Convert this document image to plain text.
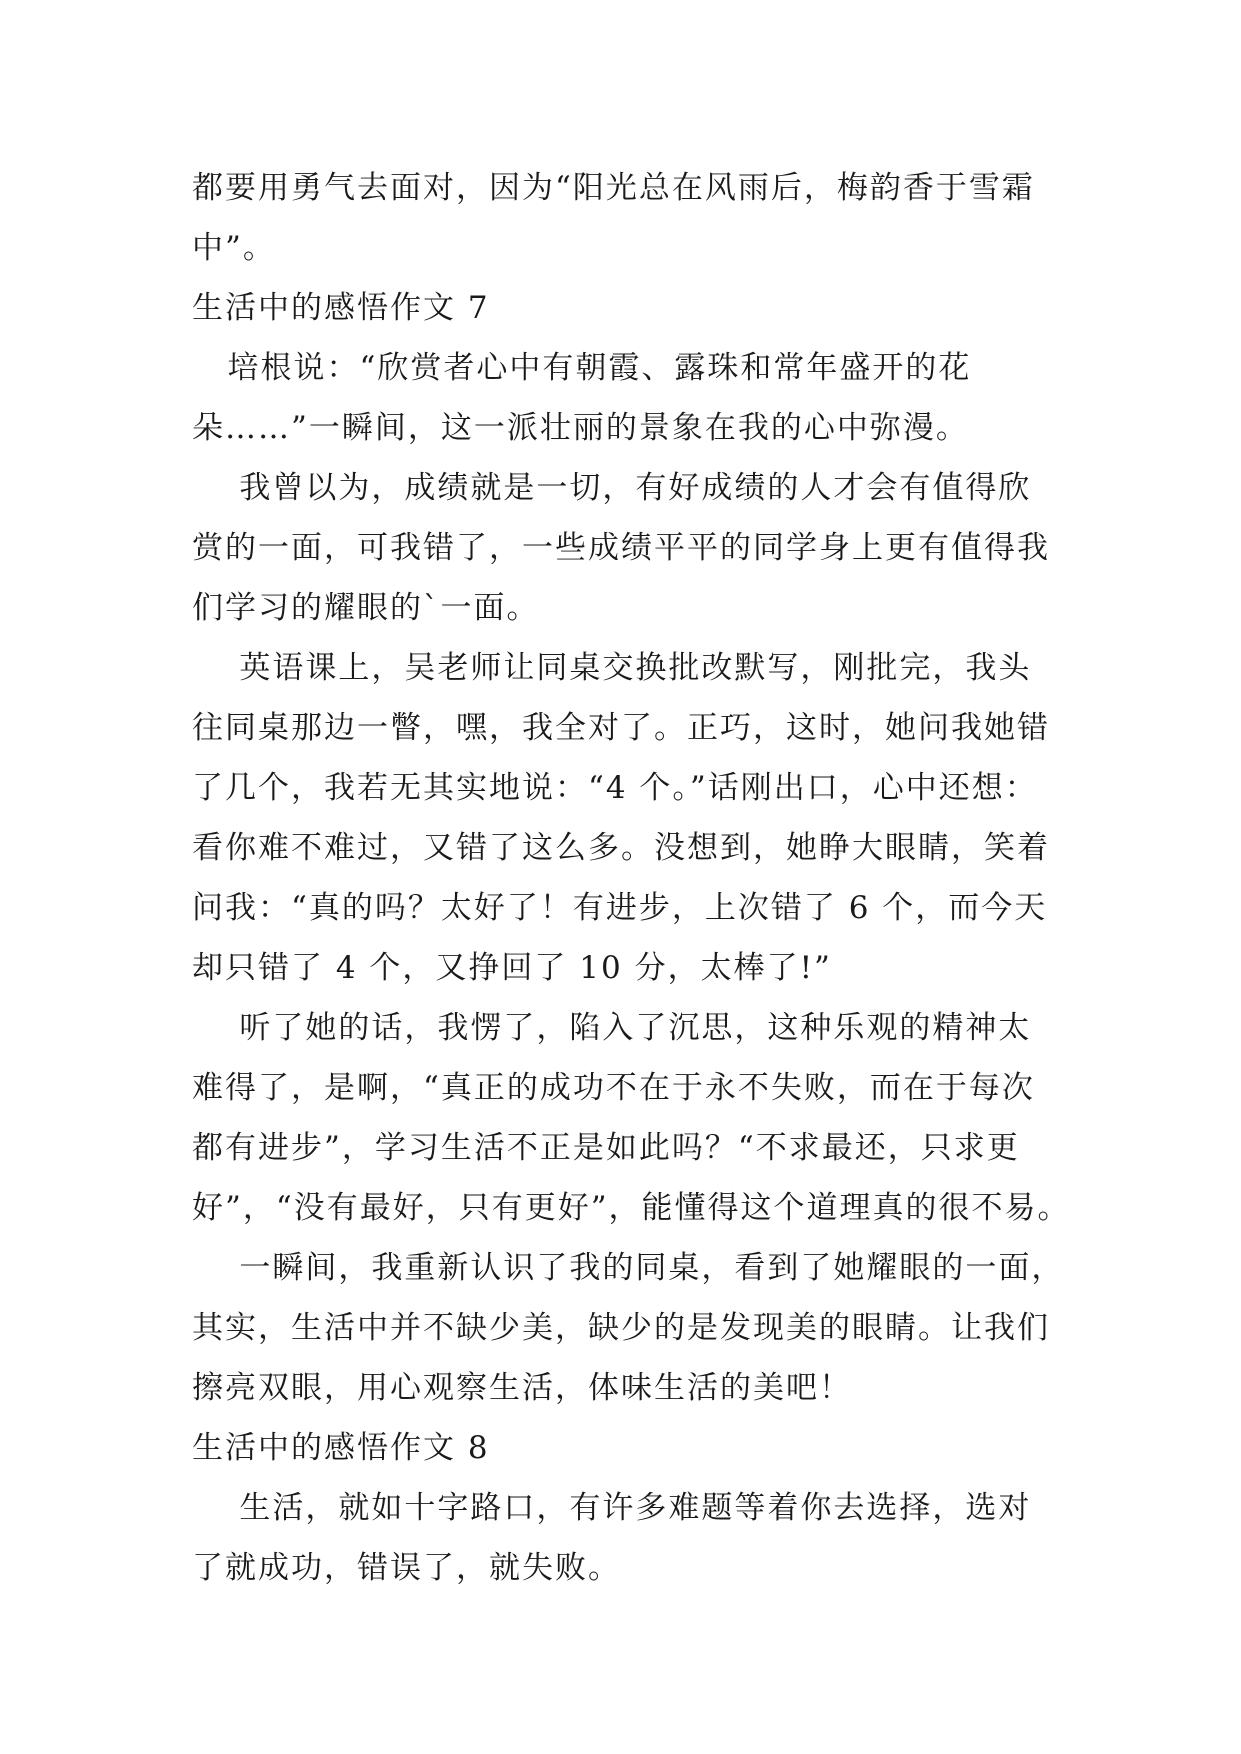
都要用勇气去面对，因为“阳光总在风雨后，梅韵香于雪霜
中”。
生活中的感悟作文 7
培根说：“欣赏者心中有朝霞、露珠和常年盛开的花
朵……”一瞬间，这一派壮丽的景象在我的心中弥漫。
我曾以为，成绩就是一切，有好成绩的人才会有值得欣
赏的一面，可我错了，一些成绩平平的同学身上更有值得我
们学习的耀眼的`一面。
英语课上，吴老师让同桌交换批改默写，刚批完，我头
往同桌那边一瞥，嘿，我全对了。正巧，这时，她问我她错
了几个，我若无其实地说：“4 个。”话刚出口，心中还想：
看你难不难过，又错了这么多。没想到，她睁大眼睛，笑着
问我：“真的吗？太好了！有进步，上次错了 6 个，而今天
却只错了 4 个，又挣回了 10 分，太棒了!”
听了她的话，我愣了，陷入了沉思，这种乐观的精神太
难得了，是啊，“真正的成功不在于永不失败，而在于每次
都有进步”，学习生活不正是如此吗？“不求最还，只求更
好”，“没有最好，只有更好”，能懂得这个道理真的很不易。
一瞬间，我重新认识了我的同桌，看到了她耀眼的一面，
其实，生活中并不缺少美，缺少的是发现美的眼睛。让我们
擦亮双眼，用心观察生活，体味生活的美吧！
生活中的感悟作文 8
生活，就如十字路口，有许多难题等着你去选择，选对
了就成功，错误了，就失败。
